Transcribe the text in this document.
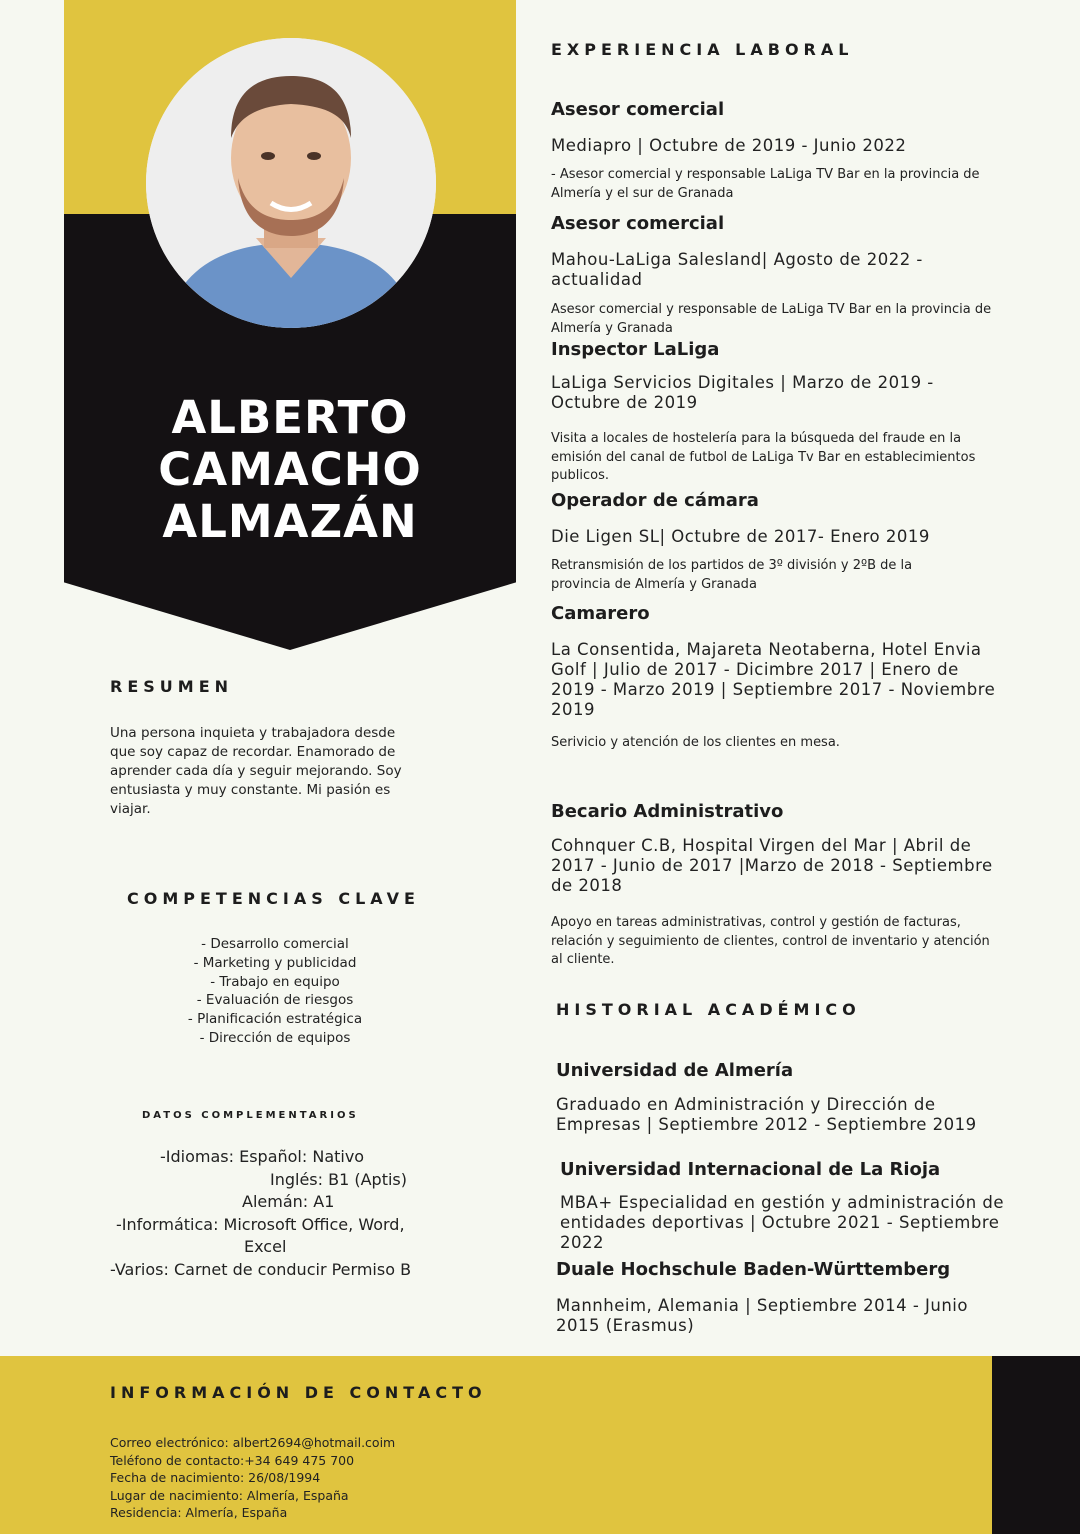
ALBERTO
CAMACHO
ALMAZÁN
RESUMEN
Una persona inquieta y trabajadora desde que soy capaz de recordar. Enamorado de aprender cada día y seguir mejorando. Soy entusiasta y muy constante. Mi pasión es viajar.
COMPETENCIAS CLAVE
- Desarrollo comercial
- Marketing y publicidad
- Trabajo en equipo
- Evaluación de riesgos
- Planificación estratégica
- Dirección de equipos
DATOS COMPLEMENTARIOS
-Idiomas: Español: Nativo
Inglés: B1 (Aptis)
Alemán: A1
-Informática: Microsoft Office, Word,
Excel
-Varios: Carnet de conducir Permiso B
EXPERIENCIA LABORAL
Asesor comercial
Mediapro | Octubre de 2019 - Junio 2022
- Asesor comercial y responsable LaLiga TV Bar en la provincia de Almería y el sur de Granada
Asesor comercial
Mahou-LaLiga Salesland| Agosto de 2022 - actualidad
Asesor comercial y responsable de LaLiga TV Bar en la provincia de Almería y Granada
Inspector LaLiga
LaLiga Servicios Digitales | Marzo de 2019 - Octubre de 2019
Visita a locales de hostelería para la búsqueda del fraude en la emisión del canal de futbol de LaLiga Tv Bar en establecimientos publicos.
Operador de cámara
Die Ligen SL| Octubre de 2017- Enero 2019
Retransmisión de los partidos de 3º división y 2ºB de la provincia de Almería y Granada
Camarero
La Consentida, Majareta Neotaberna, Hotel Envia Golf | Julio de 2017 - Dicimbre 2017 | Enero de 2019 - Marzo 2019 | Septiembre 2017 - Noviembre 2019
Serivicio y atención de los clientes en mesa.
Becario Administrativo
Cohnquer C.B, Hospital Virgen del Mar | Abril de 2017 - Junio de 2017 |Marzo de 2018 - Septiembre de 2018
Apoyo en tareas administrativas, control y gestión de facturas, relación y seguimiento de clientes, control de inventario y atención al cliente.
HISTORIAL ACADÉMICO
Universidad de Almería
Graduado en Administración y Dirección de Empresas | Septiembre 2012 - Septiembre 2019
Universidad Internacional de La Rioja
MBA+ Especialidad en gestión y administración de entidades deportivas | Octubre 2021 - Septiembre 2022
Duale Hochschule Baden-Württemberg
Mannheim, Alemania | Septiembre 2014 - Junio 2015 (Erasmus)
INFORMACIÓN DE CONTACTO
Correo electrónico: albert2694@hotmail.coim
Teléfono de contacto:+34 649 475 700
Fecha de nacimiento: 26/08/1994
Lugar de nacimiento: Almería, España
Residencia: Almería, España
